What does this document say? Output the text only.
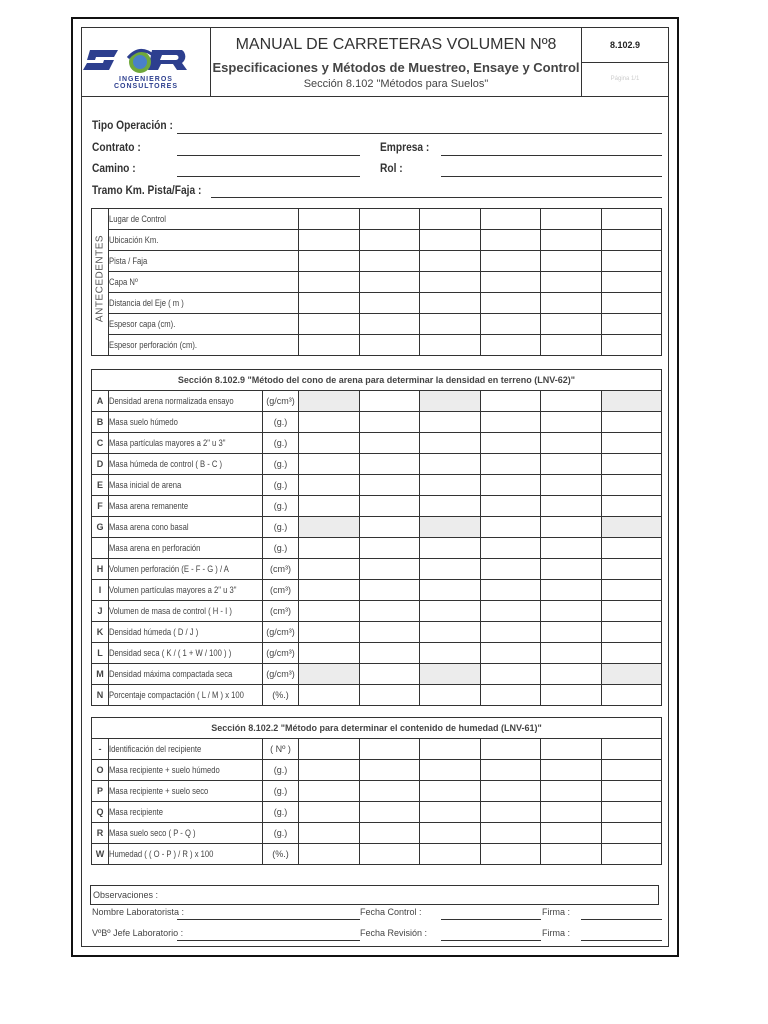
INGENIEROS CONSULTORES
MANUAL DE CARRETERAS VOLUMEN Nº8
Especificaciones y Métodos de Muestreo, Ensaye y Control
Sección 8.102 "Métodos para Suelos"
8.102.9
Página 1/1
Tipo Operación :
Contrato :	Empresa :
Camino :	Rol :
Tramo Km. Pista/Faja :
ANTECEDENTES	Lugar de Control						
	Ubicación Km.						
	Pista / Faja						
	Capa Nº						
	Distancia del Eje ( m )						
	Espesor capa (cm).						
	Espesor perforación (cm).						
Sección 8.102.9 "Método del cono de arena para determinar la densidad en terreno (LNV-62)"								
A	Densidad arena normalizada ensayo	(g/cm³)						
B	Masa suelo húmedo	(g.)						
C	Masa partículas mayores a 2" u 3"	(g.)						
D	Masa húmeda de control ( B - C )	(g.)						
E	Masa inicial de arena	(g.)						
F	Masa arena remanente	(g.)						
G	Masa arena cono basal	(g.)						
	Masa arena en perforación	(g.)						
H	Volumen perforación (E - F - G ) / A	(cm³)						
I	Volumen partículas mayores a 2" u 3"	(cm³)						
J	Volumen de masa de control ( H - I )	(cm³)						
K	Densidad húmeda ( D / J )	(g/cm³)						
L	Densidad seca ( K / ( 1 + W / 100 ) )	(g/cm³)						
M	Densidad máxima compactada seca	(g/cm³)						
N	Porcentaje compactación ( L / M ) x 100	(%.)						
Sección 8.102.2 "Método para determinar el contenido de humedad (LNV-61)"								
-	Identificación del recipiente	( Nº )						
O	Masa recipiente + suelo húmedo	(g.)						
P	Masa recipiente + suelo seco	(g.)						
Q	Masa recipiente	(g.)						
R	Masa suelo seco ( P - Q )	(g.)						
W	Humedad ( ( O - P ) / R ) x 100	(%.)						
Observaciones :
Nombre Laboratorista :	Fecha Control :	Firma :
VºBº Jefe Laboratorio :	Fecha Revisión :	Firma :
